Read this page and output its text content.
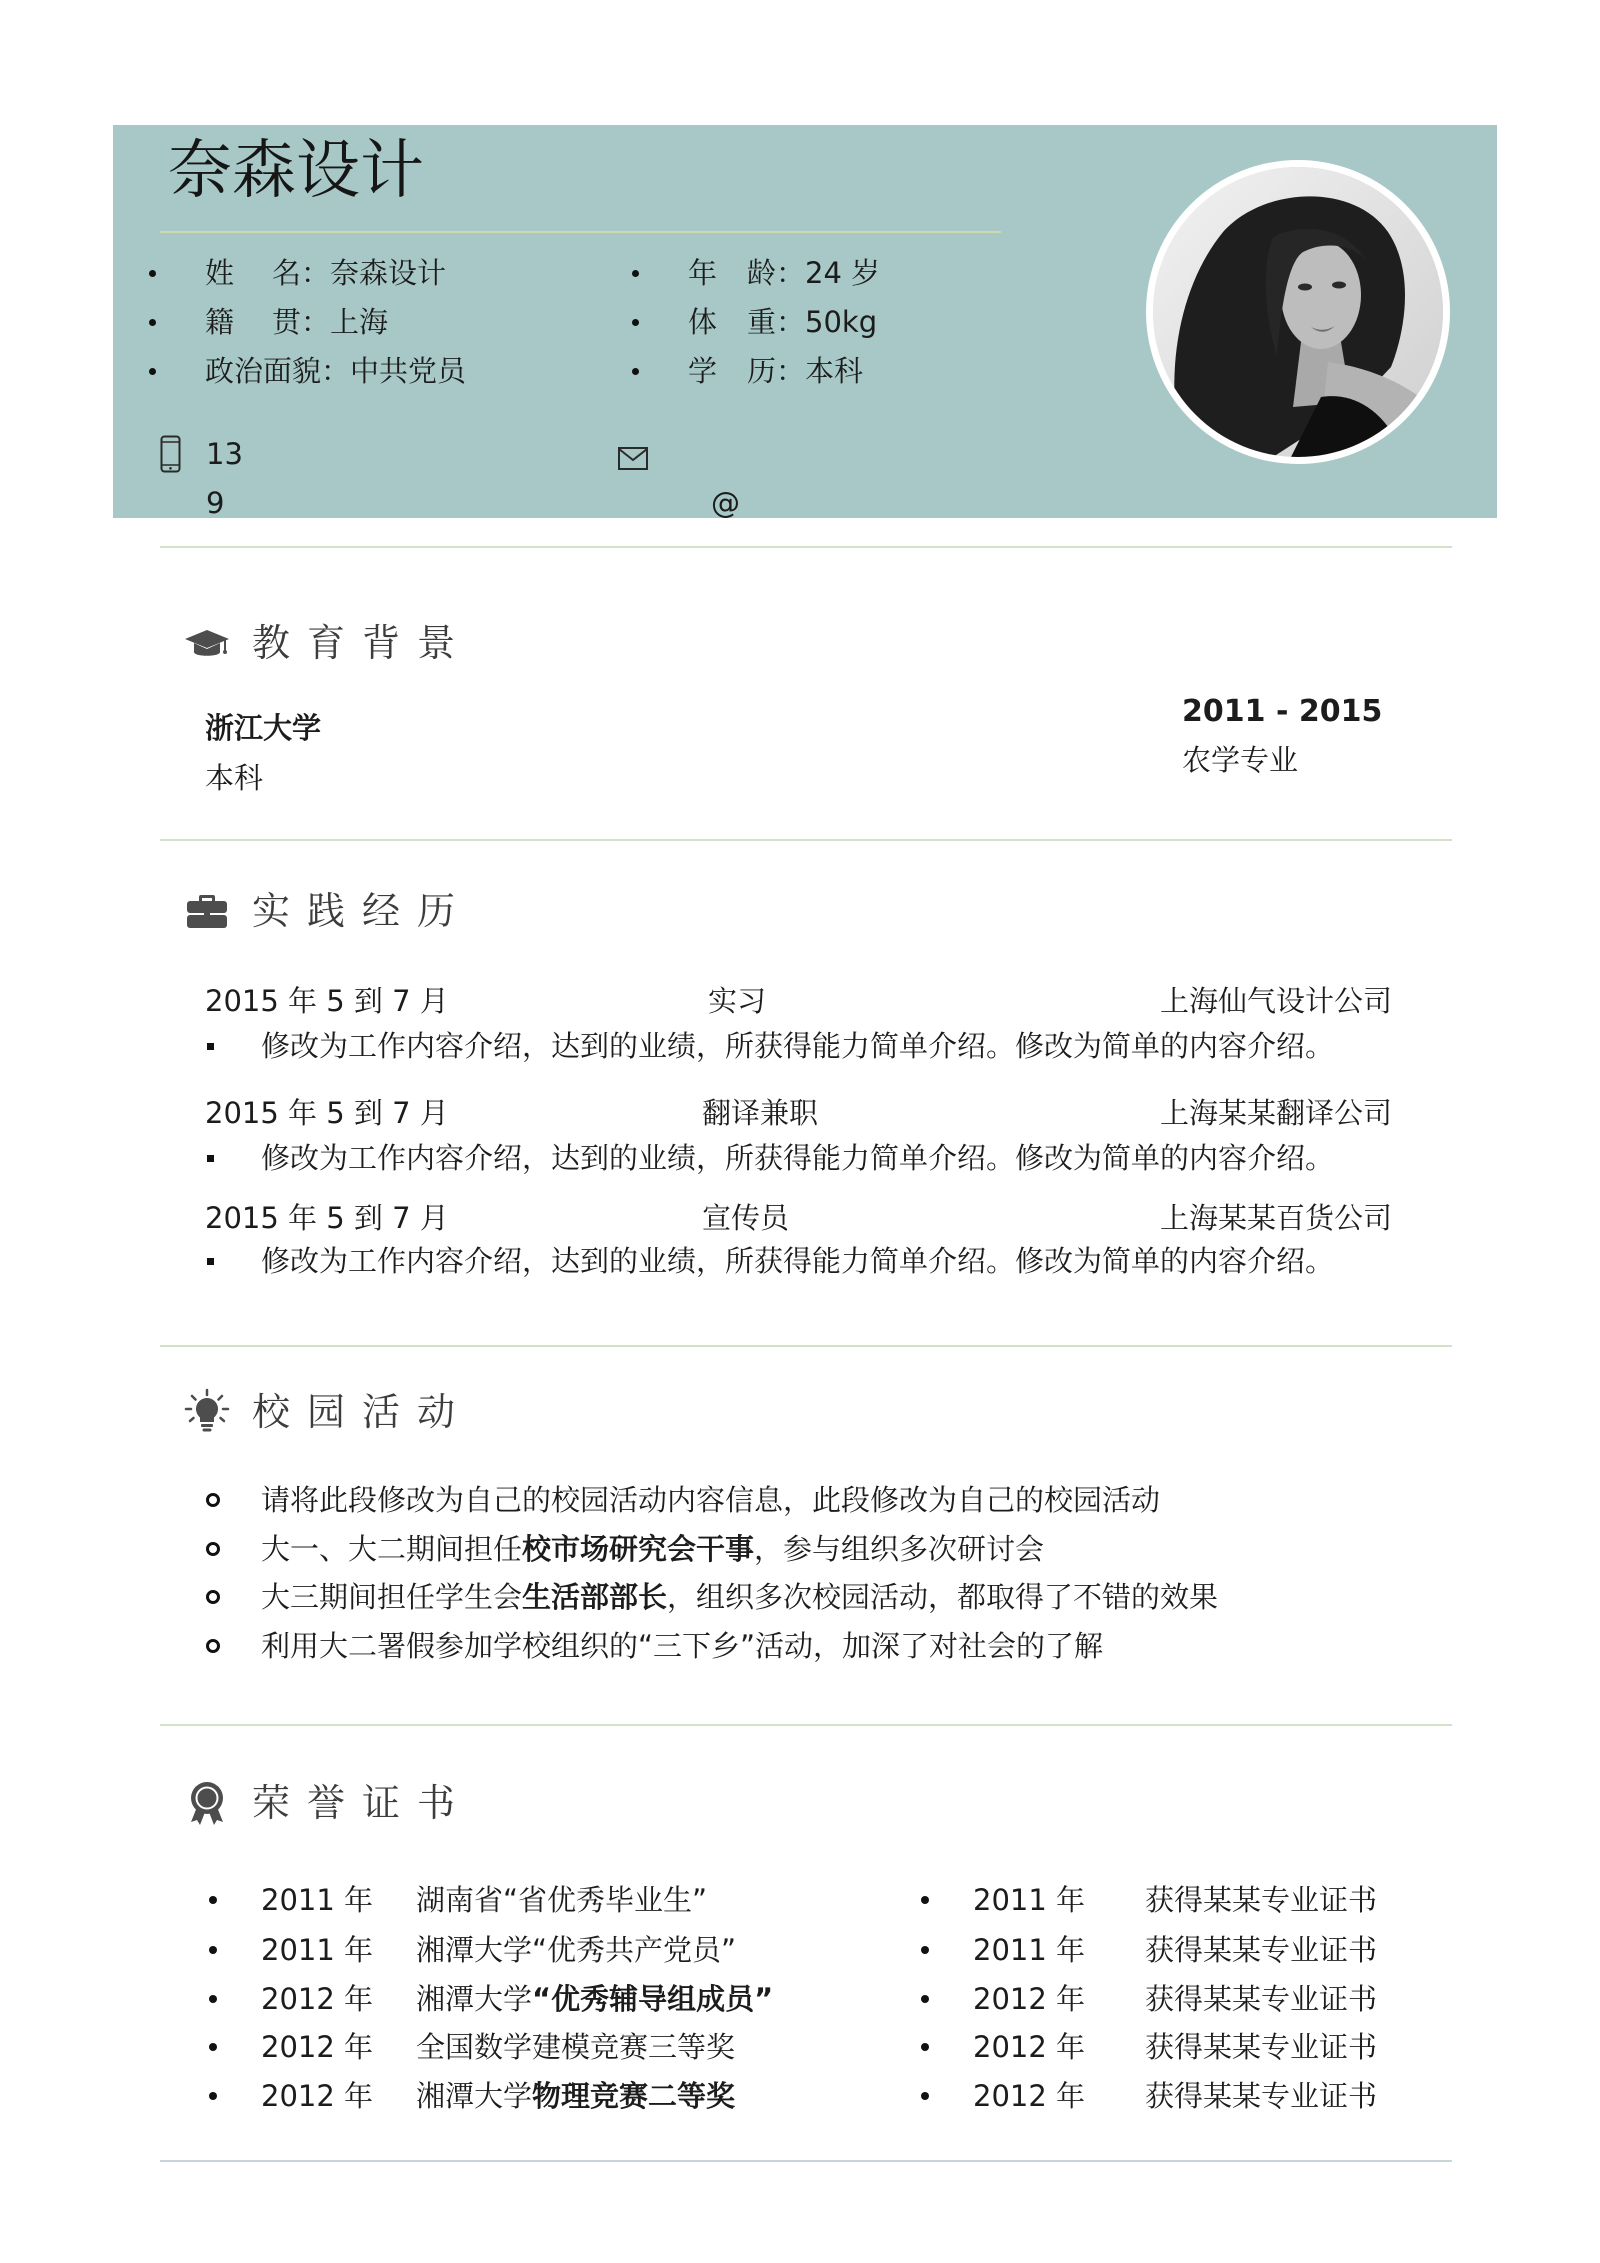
奈森设计
姓 名：奈森设计
籍 贯：上海
政治面貌：中共党员
年 龄：24 岁
体 重：50kg
学 历：本科
13
9	@
教育背景
浙江大学
本科
2011 - 2015
农学专业
实践经历
2015 年 5 到 7 月	实习	上海仙气设计公司
修改为工作内容介绍，达到的业绩，所获得能力简单介绍。修改为简单的内容介绍。
2015 年 5 到 7 月	翻译兼职	上海某某翻译公司
修改为工作内容介绍，达到的业绩，所获得能力简单介绍。修改为简单的内容介绍。
2015 年 5 到 7 月	宣传员	上海某某百货公司
修改为工作内容介绍，达到的业绩，所获得能力简单介绍。修改为简单的内容介绍。
校园活动
请将此段修改为自己的校园活动内容信息，此段修改为自己的校园活动
大一、大二期间担任校市场研究会干事，参与组织多次研讨会
大三期间担任学生会生活部部长，组织多次校园活动，都取得了不错的效果
利用大二署假参加学校组织的“三下乡”活动，加深了对社会的了解
荣誉证书
2011 年 湖南省“省优秀毕业生”
2011 年 湘潭大学“优秀共产党员”
2012 年 湘潭大学“优秀辅导组成员”
2012 年 全国数学建模竞赛三等奖
2012 年 湘潭大学物理竞赛二等奖
2011 年 获得某某专业证书
2011 年 获得某某专业证书
2012 年 获得某某专业证书
2012 年 获得某某专业证书
2012 年 获得某某专业证书
